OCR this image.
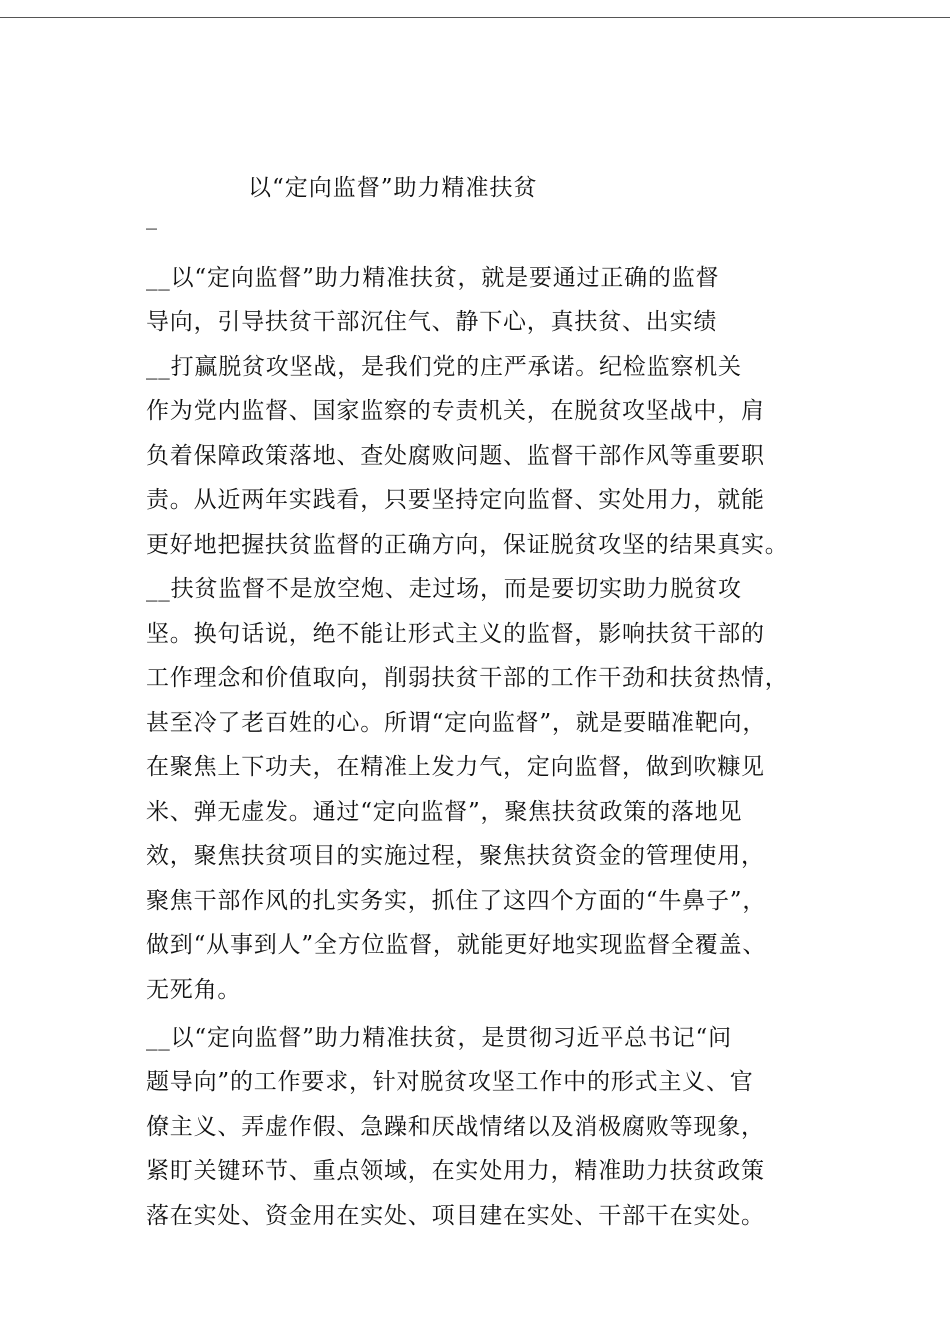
以“定向监督”助力精准扶贫
_
__以“定向监督”助力精准扶贫，就是要通过正确的监督
导向，引导扶贫干部沉住气、静下心，真扶贫、出实绩
__打赢脱贫攻坚战，是我们党的庄严承诺。纪检监察机关
作为党内监督、国家监察的专责机关，在脱贫攻坚战中，肩
负着保障政策落地、查处腐败问题、监督干部作风等重要职
责。从近两年实践看，只要坚持定向监督、实处用力，就能
更好地把握扶贫监督的正确方向，保证脱贫攻坚的结果真实。
__扶贫监督不是放空炮、走过场，而是要切实助力脱贫攻
坚。换句话说，绝不能让形式主义的监督，影响扶贫干部的
工作理念和价值取向，削弱扶贫干部的工作干劲和扶贫热情，
甚至冷了老百姓的心。所谓“定向监督”，就是要瞄准靶向，
在聚焦上下功夫，在精准上发力气，定向监督，做到吹糠见
米、弹无虚发。通过“定向监督”，聚焦扶贫政策的落地见
效，聚焦扶贫项目的实施过程，聚焦扶贫资金的管理使用，
聚焦干部作风的扎实务实，抓住了这四个方面的“牛鼻子”，
做到“从事到人”全方位监督，就能更好地实现监督全覆盖、
无死角。
__以“定向监督”助力精准扶贫，是贯彻习近平总书记“问
题导向”的工作要求，针对脱贫攻坚工作中的形式主义、官
僚主义、弄虚作假、急躁和厌战情绪以及消极腐败等现象，
紧盯关键环节、重点领域，在实处用力，精准助力扶贫政策
落在实处、资金用在实处、项目建在实处、干部干在实处。
